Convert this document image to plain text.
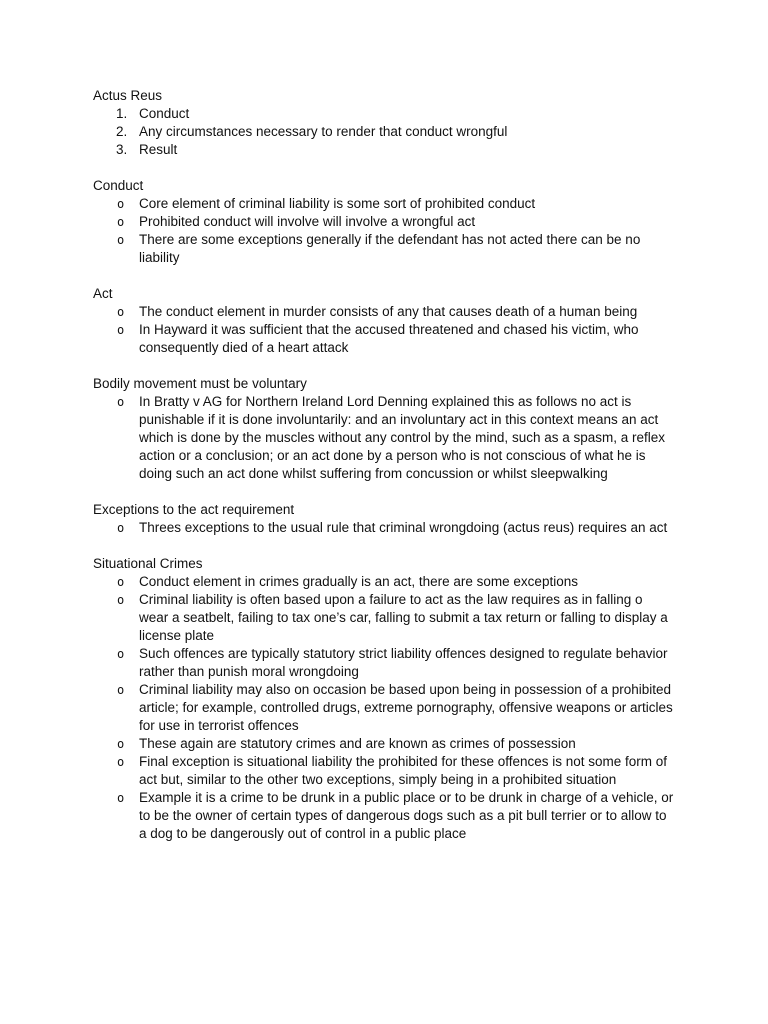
Actus Reus

1. Conduct
2. Any circumstances necessary to render that conduct wrongful
3. Result

Conduct

o Core element of criminal liability is some sort of prohibited conduct
o Prohibited conduct will involve will involve a wrongful act
o There are some exceptions generally if the defendant has not acted there can be no liability

Act

o The conduct element in murder consists of any that causes death of a human being
o In Hayward it was sufficient that the accused threatened and chased his victim, who consequently died of a heart attack

Bodily movement must be voluntary

o In Bratty v AG for Northern Ireland Lord Denning explained this as follows no act is punishable if it is done involuntarily: and an involuntary act in this context means an act which is done by the muscles without any control by the mind, such as a spasm, a reflex action or a conclusion; or an act done by a person who is not conscious of what he is doing such an act done whilst suffering from concussion or whilst sleepwalking

Exceptions to the act requirement

o Threes exceptions to the usual rule that criminal wrongdoing (actus reus) requires an act

Situational Crimes

o Conduct element in crimes gradually is an act, there are some exceptions
o Criminal liability is often based upon a failure to act as the law requires as in falling o wear a seatbelt, failing to tax one’s car, falling to submit a tax return or falling to display a license plate
o Such offences are typically statutory strict liability offences designed to regulate behavior rather than punish moral wrongdoing
o Criminal liability may also on occasion be based upon being in possession of a prohibited article; for example, controlled drugs, extreme pornography, offensive weapons or articles for use in terrorist offences
o These again are statutory crimes and are known as crimes of possession
o Final exception is situational liability the prohibited for these offences is not some form of act but, similar to the other two exceptions, simply being in a prohibited situation
o Example it is a crime to be drunk in a public place or to be drunk in charge of a vehicle, or to be the owner of certain types of dangerous dogs such as a pit bull terrier or to allow to a dog to be dangerously out of control in a public place
